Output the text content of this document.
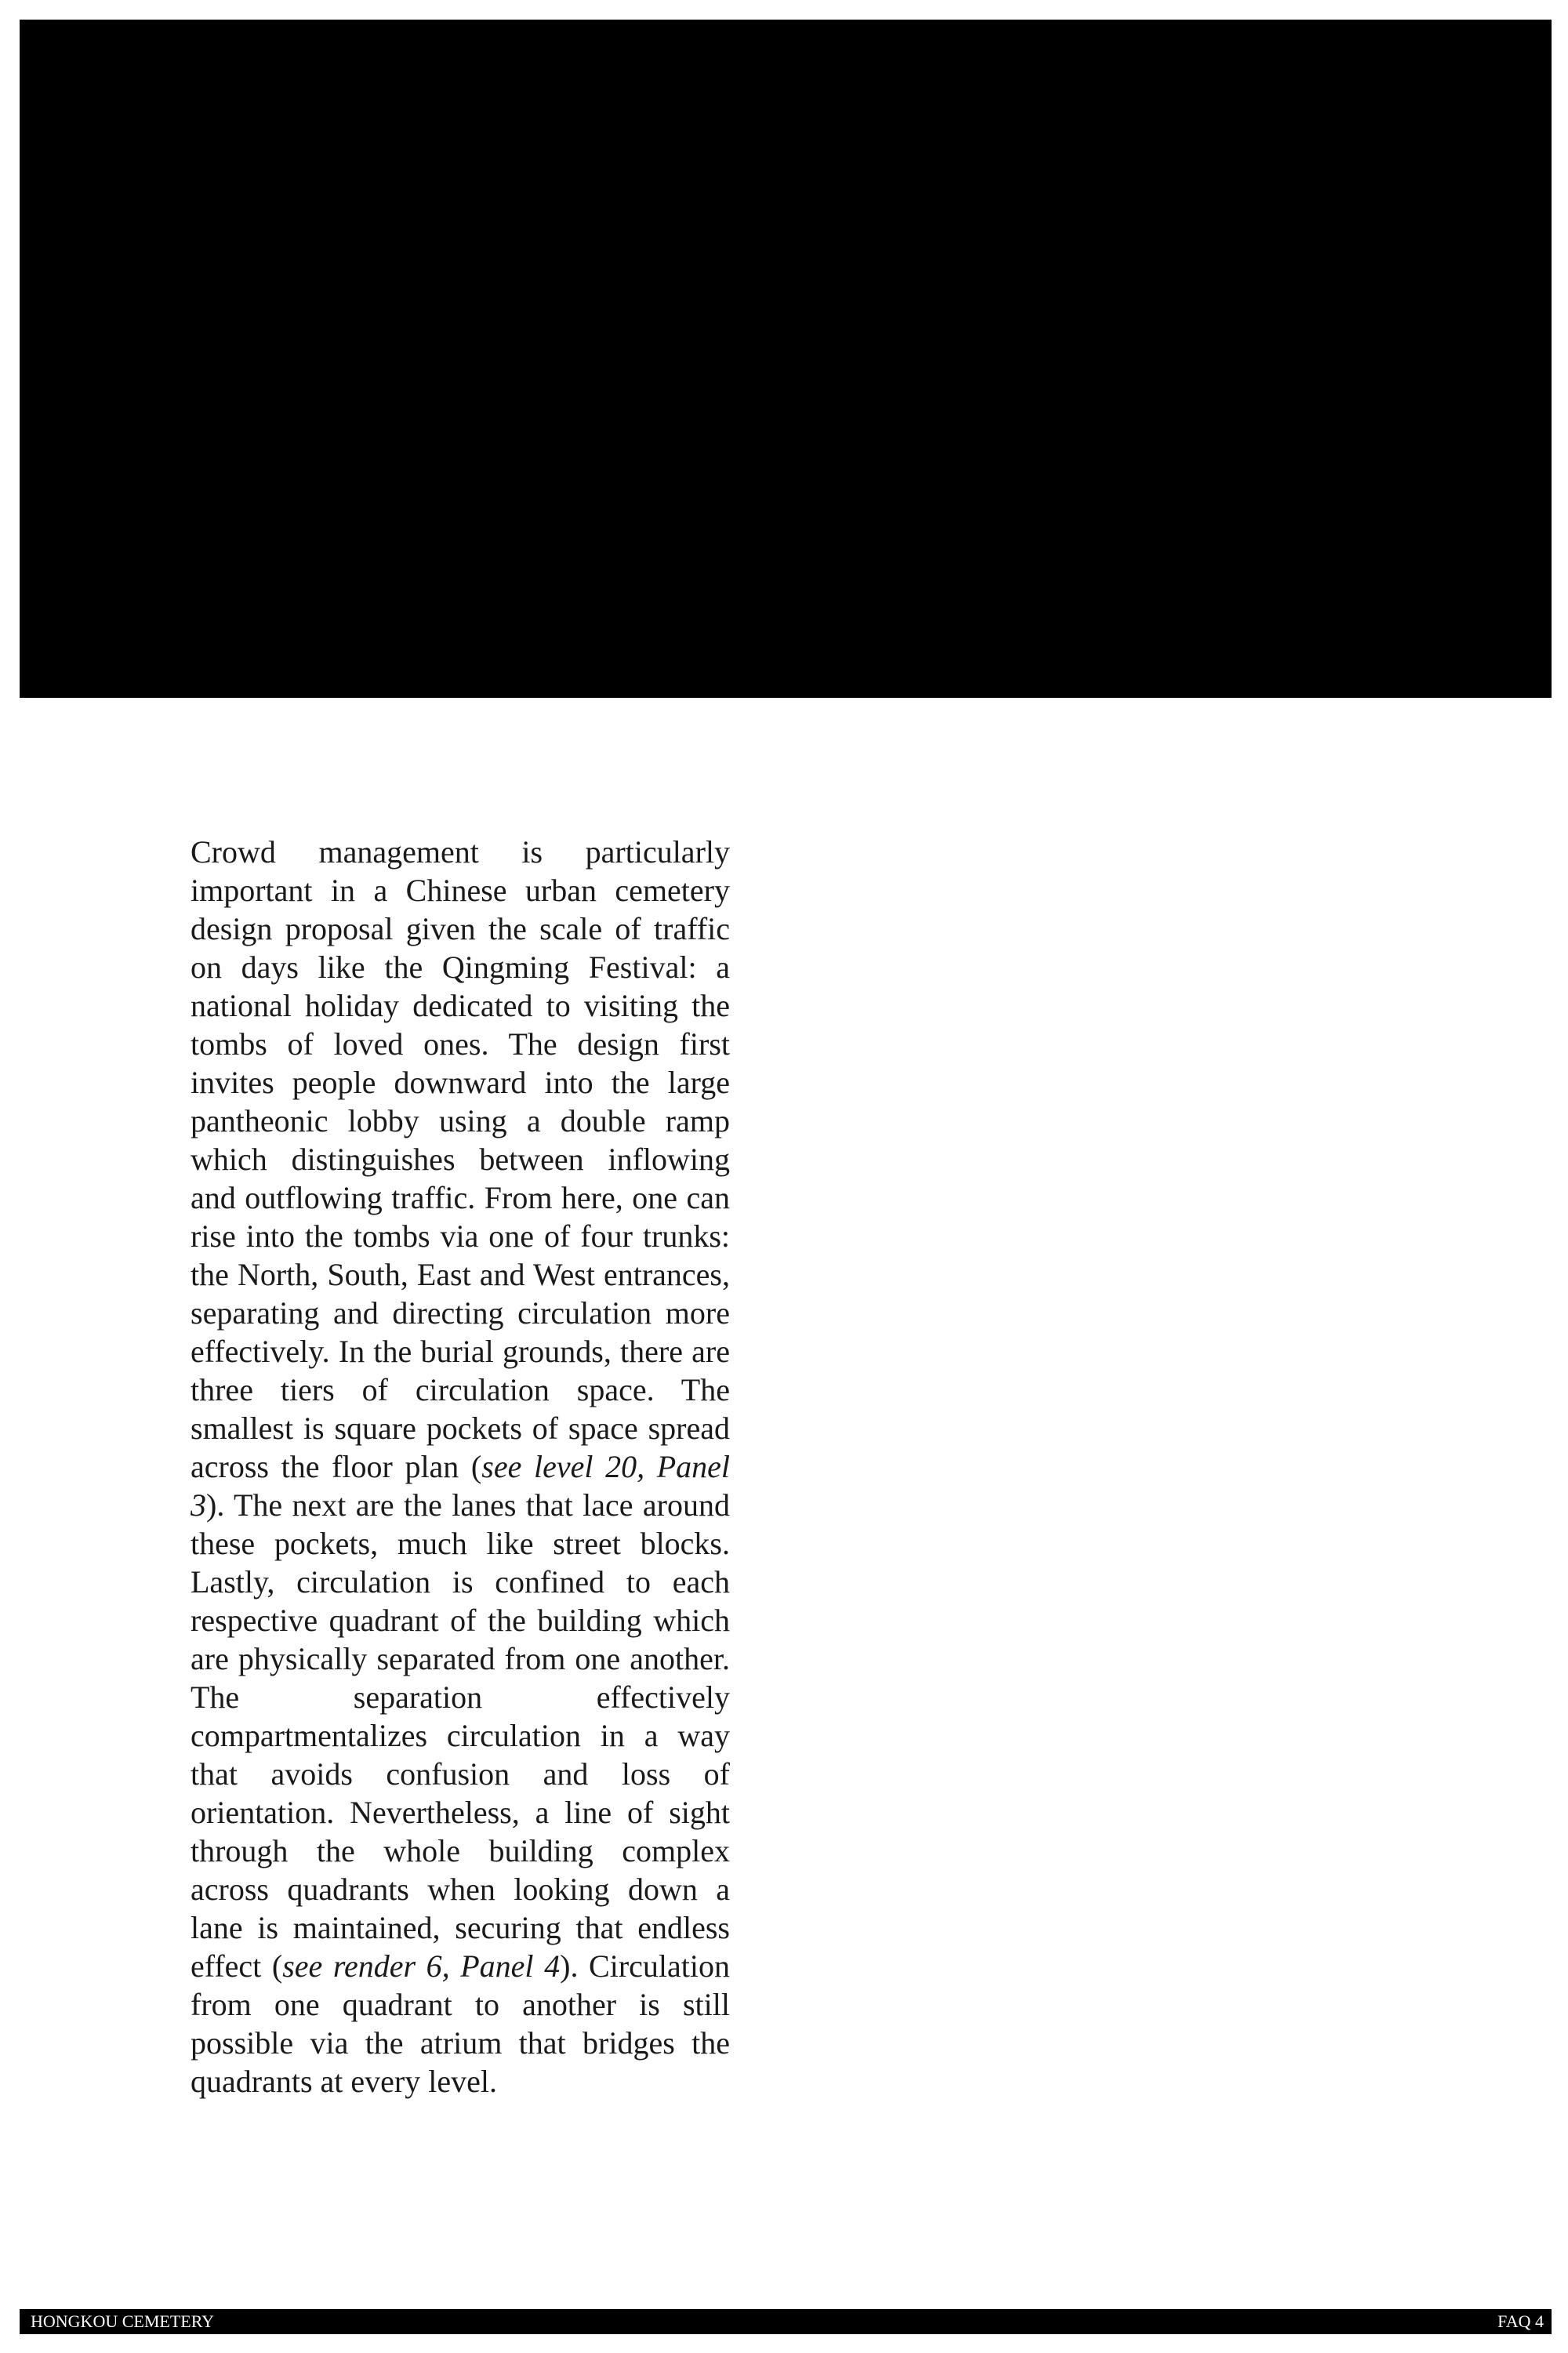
How is the proposal sensitive to crowd management?

Crowd management is particularly important in a Chinese urban cemetery design proposal given the scale of traffic on days like the Qingming Festival: a national holiday dedicated to visiting the tombs of loved ones. The design first invites people downward into the large pantheonic lobby using a double ramp which distinguishes between inflowing and outflowing traffic. From here, one can rise into the tombs via one of four trunks: the North, South, East and West entrances, separating and directing circulation more effectively. In the burial grounds, there are three tiers of circulation space. The smallest is square pockets of space spread across the floor plan (see level 20, Panel 3). The next are the lanes that lace around these pockets, much like street blocks. Lastly, circulation is confined to each respective quadrant of the building which are physically separated from one another. The separation effectively compartmentalizes circulation in a way that avoids confusion and loss of orientation. Nevertheless, a line of sight through the whole building complex across quadrants when looking down a lane is maintained, securing that endless effect (see render 6, Panel 4). Circulation from one quadrant to another is still possible via the atrium that bridges the quadrants at every level.

HONGKOU CEMETERY	FAQ 4
